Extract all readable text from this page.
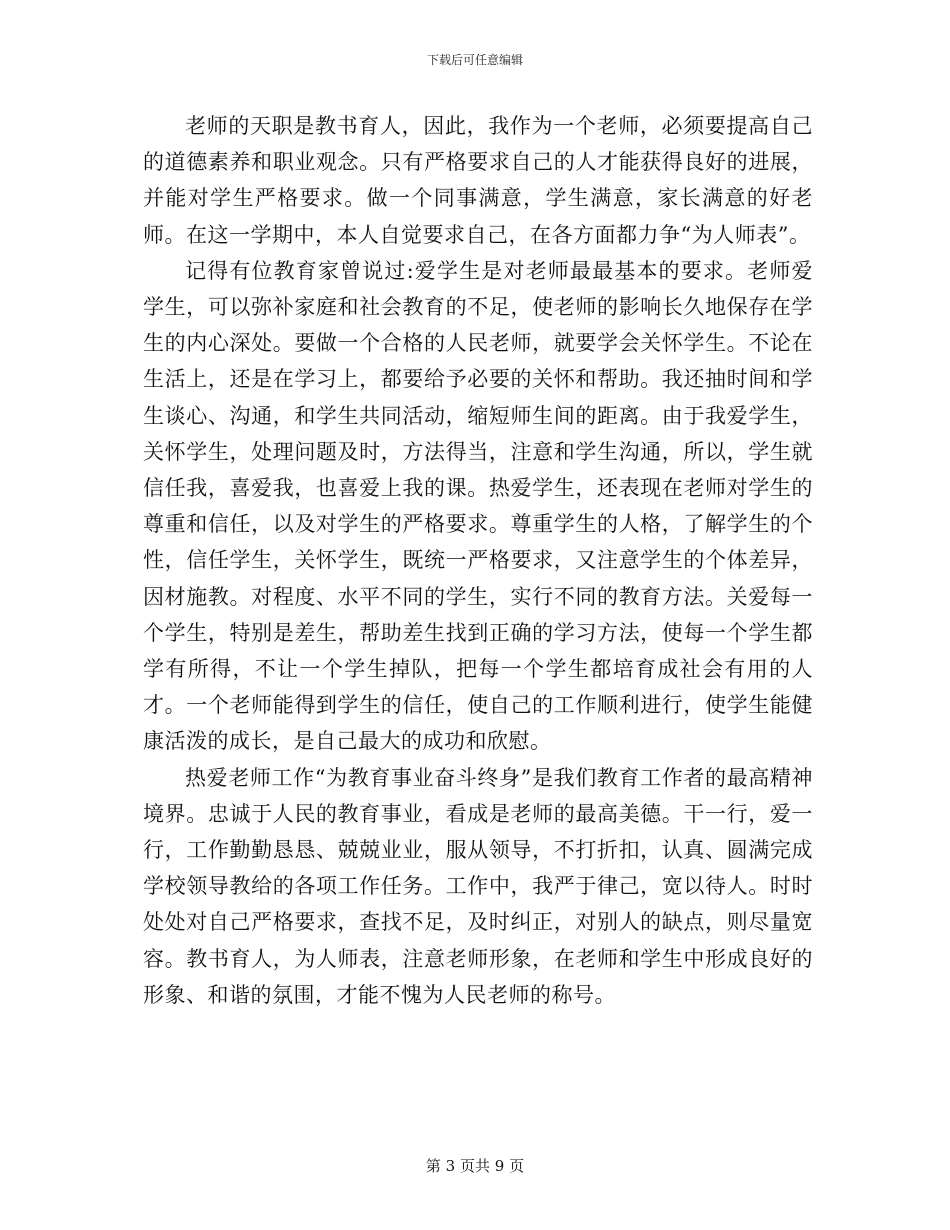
下载后可任意编辑

老师的天职是教书育人，因此，我作为一个老师，必须要提高自己的道德素养和职业观念。只有严格要求自己的人才能获得良好的进展，并能对学生严格要求。做一个同事满意，学生满意，家长满意的好老师。在这一学期中，本人自觉要求自己，在各方面都力争“为人师表”。

记得有位教育家曾说过:爱学生是对老师最最基本的要求。老师爱学生，可以弥补家庭和社会教育的不足，使老师的影响长久地保存在学生的内心深处。要做一个合格的人民老师，就要学会关怀学生。不论在生活上，还是在学习上，都要给予必要的关怀和帮助。我还抽时间和学生谈心、沟通，和学生共同活动，缩短师生间的距离。由于我爱学生，关怀学生，处理问题及时，方法得当，注意和学生沟通，所以，学生就信任我，喜爱我，也喜爱上我的课。热爱学生，还表现在老师对学生的尊重和信任，以及对学生的严格要求。尊重学生的人格，了解学生的个性，信任学生，关怀学生，既统一严格要求，又注意学生的个体差异，因材施教。对程度、水平不同的学生，实行不同的教育方法。关爱每一个学生，特别是差生，帮助差生找到正确的学习方法，使每一个学生都学有所得，不让一个学生掉队，把每一个学生都培育成社会有用的人才。一个老师能得到学生的信任，使自己的工作顺利进行，使学生能健康活泼的成长，是自己最大的成功和欣慰。

热爱老师工作“为教育事业奋斗终身”是我们教育工作者的最高精神境界。忠诚于人民的教育事业，看成是老师的最高美德。干一行，爱一行，工作勤勤恳恳、兢兢业业，服从领导，不打折扣，认真、圆满完成学校领导教给的各项工作任务。工作中，我严于律己，宽以待人。时时处处对自己严格要求，查找不足，及时纠正，对别人的缺点，则尽量宽容。教书育人，为人师表，注意老师形象，在老师和学生中形成良好的形象、和谐的氛围，才能不愧为人民老师的称号。

第 3 页共 9 页
